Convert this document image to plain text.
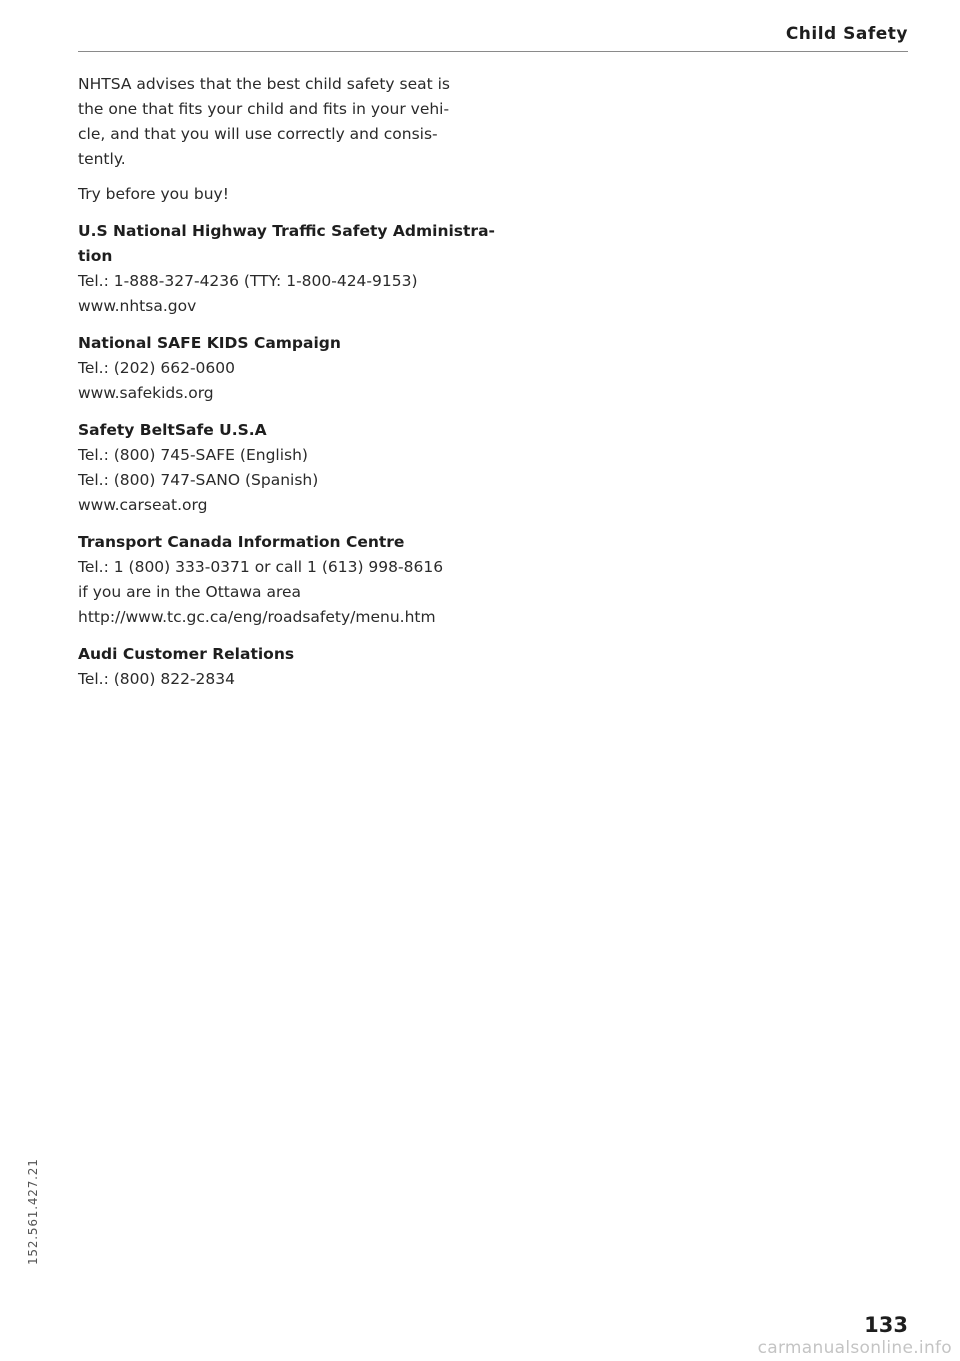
Child Safety

NHTSA advises that the best child safety seat is
the one that fits your child and fits in your vehi-
cle, and that you will use correctly and consis-
tently.

Try before you buy!

U.S National Highway Traffic Safety Administra-
tion
Tel.: 1-888-327-4236 (TTY: 1-800-424-9153)
www.nhtsa.gov
National SAFE KIDS Campaign
Tel.: (202) 662-0600
www.safekids.org
Safety BeltSafe U.S.A
Tel.: (800) 745-SAFE (English)
Tel.: (800) 747-SANO (Spanish)
www.carseat.org
Transport Canada Information Centre
Tel.: 1 (800) 333-0371 or call 1 (613) 998-8616
if you are in the Ottawa area
http://www.tc.gc.ca/eng/roadsafety/menu.htm
Audi Customer Relations
Tel.: (800) 822-2834
152.561.427.21
133
carmanualsonline.info
